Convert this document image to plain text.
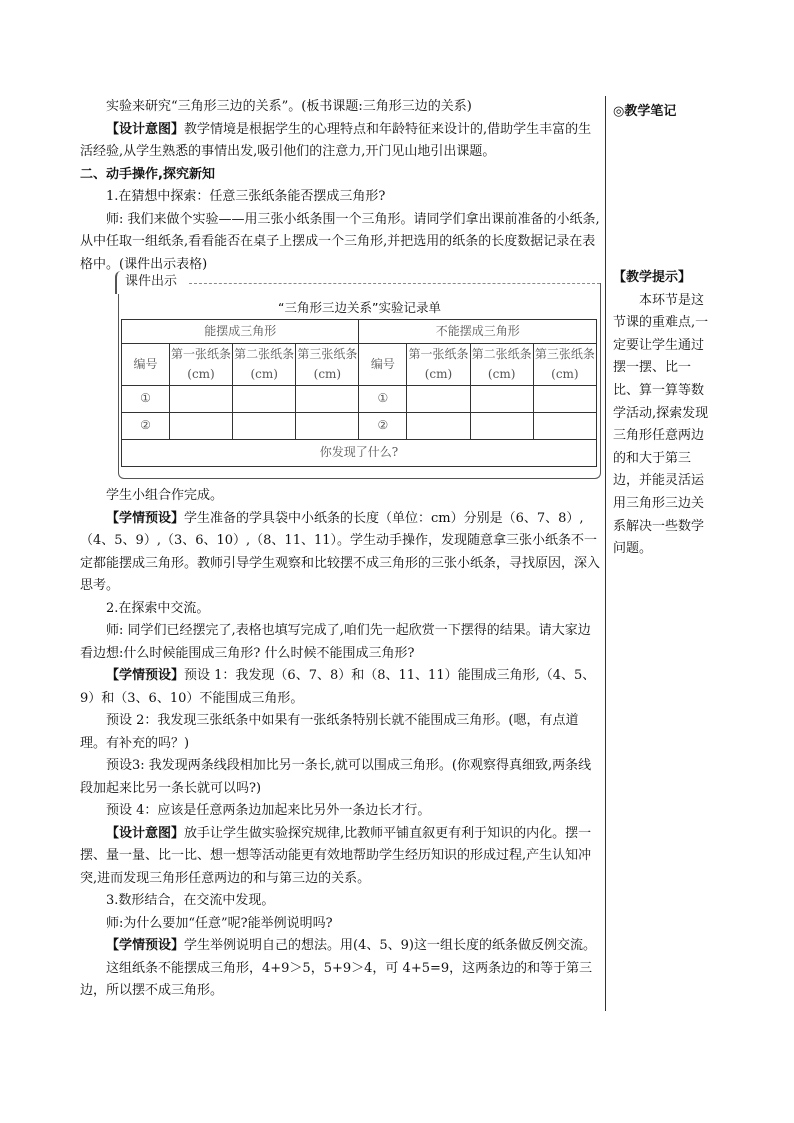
实验来研究“三角形三边的关系”。(板书课题:三角形三边的关系)

【设计意图】教学情境是根据学生的心理特点和年龄特征来设计的,借助学生丰富的生活经验,从学生熟悉的事情出发,吸引他们的注意力,开门见山地引出课题。

二、动手操作,探究新知

1.在猜想中探索：任意三张纸条能否摆成三角形?

师: 我们来做个实验——用三张小纸条围一个三角形。请同学们拿出课前准备的小纸条,从中任取一组纸条,看看能否在桌子上摆成一个三角形,并把选用的纸条的长度数据记录在表格中。(课件出示表格)

课件出示
“三角形三边关系”实验记录单
能摆成三角形				不能摆成三角形			
编号	第一张纸条(cm)	第二张纸条(cm)	第三张纸条(cm)	编号	第一张纸条(cm)	第二张纸条(cm)	第三张纸条(cm)
①				①			
②				②			
你发现了什么?							

学生小组合作完成。

【学情预设】学生准备的学具袋中小纸条的长度（单位：cm）分别是（6、7、8）,（4、5、9）,（3、6、10）,（8、11、11）。学生动手操作，发现随意拿三张小纸条不一定都能摆成三角形。教师引导学生观察和比较摆不成三角形的三张小纸条，寻找原因，深入思考。

2.在探索中交流。

师: 同学们已经摆完了,表格也填写完成了,咱们先一起欣赏一下摆得的结果。请大家边看边想:什么时候能围成三角形? 什么时候不能围成三角形?

【学情预设】预设 1：我发现（6、7、8）和（8、11、11）能围成三角形,（4、5、9）和（3、6、10）不能围成三角形。

预设 2：我发现三张纸条中如果有一张纸条特别长就不能围成三角形。(嗯，有点道理。有补充的吗？)

预设3: 我发现两条线段相加比另一条长,就可以围成三角形。(你观察得真细致,两条线段加起来比另一条长就可以吗?)

预设 4：应该是任意两条边加起来比另外一条边长才行。

【设计意图】放手让学生做实验探究规律,比教师平铺直叙更有利于知识的内化。摆一摆、量一量、比一比、想一想等活动能更有效地帮助学生经历知识的形成过程,产生认知冲突,进而发现三角形任意两边的和与第三边的关系。

3.数形结合，在交流中发现。

师:为什么要加“任意”呢?能举例说明吗?

【学情预设】学生举例说明自己的想法。用(4、5、9)这一组长度的纸条做反例交流。

这组纸条不能摆成三角形，4+9＞5，5+9＞4，可 4+5=9，这两条边的和等于第三边，所以摆不成三角形。

◎教学笔记
【教学提示】

本环节是这节课的重难点,一定要让学生通过摆一摆、比一比、算一算等数学活动,探索发现三角形任意两边的和大于第三边，并能灵活运用三角形三边关系解决一些数学问题。
